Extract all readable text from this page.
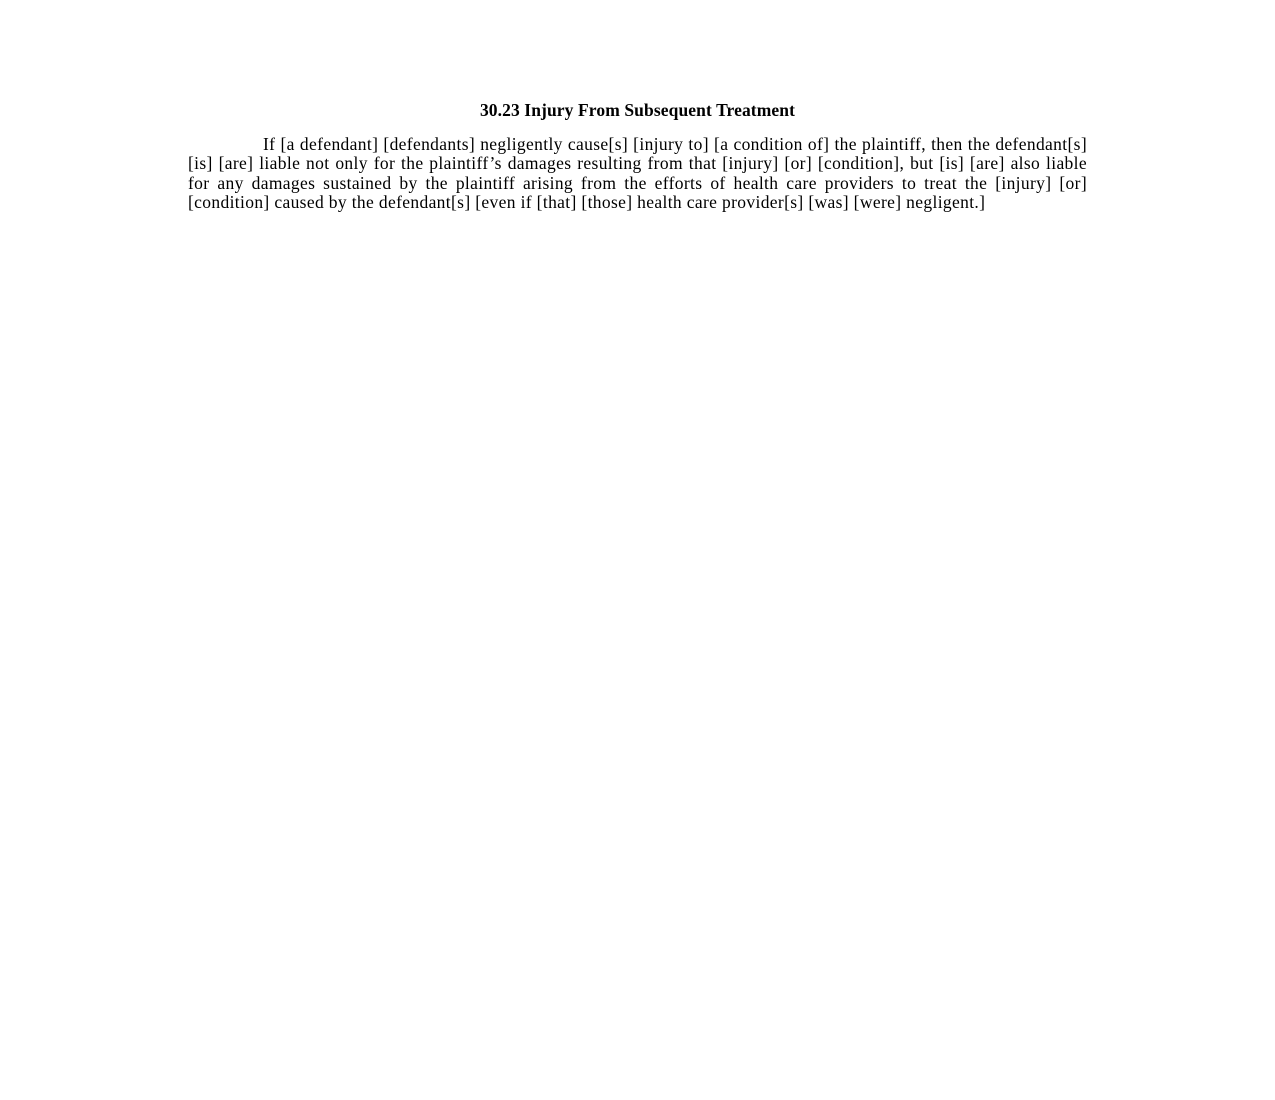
30.23 Injury From Subsequent Treatment

If [a defendant] [defendants] negligently cause[s] [injury to] [a condition of] the plaintiff, then the defendant[s] [is] [are] liable not only for the plaintiff’s damages resulting from that [injury] [or] [condition], but [is] [are] also liable for any damages sustained by the plaintiff arising from the efforts of health care providers to treat the [injury] [or] [condition] caused by the defendant[s] [even if [that] [those] health care provider[s] [was] [were] negligent.]
